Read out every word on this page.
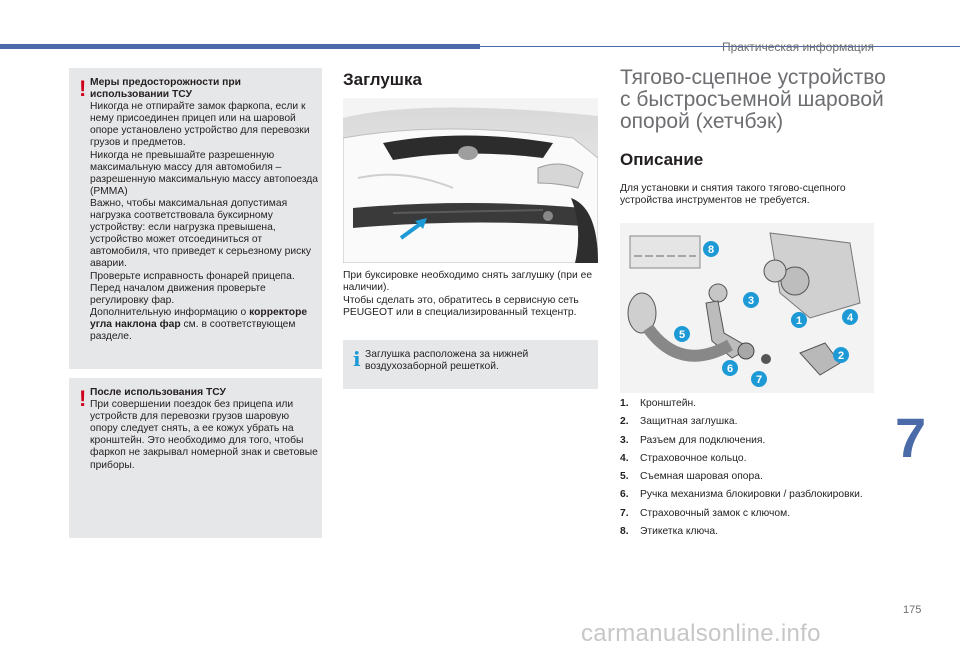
Практическая информация
7
175
carmanualsonline.info
! Меры предосторожности при использовании ТСУ

Никогда не отпирайте замок фаркопа, если к нему присоединен прицеп или на шаровой опоре установлено устройство для перевозки грузов и предметов.

Никогда не превышайте разрешенную максимальную массу для автомобиля – разрешенную максимальную массу автопоезда (РММА)

Важно, чтобы максимальная допустимая нагрузка соответствовала буксирному устройству: если нагрузка превышена, устройство может отсоединиться от автомобиля, что приведет к серьезному риску аварии.

Проверьте исправность фонарей прицепа.

Перед началом движения проверьте регулировку фар.

Дополнительную информацию о корректоре угла наклона фар см. в соответствующем разделе.

! После использования ТСУ

При совершении поездок без прицепа или устройств для перевозки грузов шаровую опору следует снять, а ее кожух убрать на кронштейн. Это необходимо для того, чтобы фаркоп не закрывал номерной знак и световые приборы.

Заглушка

При буксировке необходимо снять заглушку (при ее наличии).

Чтобы сделать это, обратитесь в сервисную сеть PEUGEOT или в специализированный техцентр.

i Заглушка расположена за нижней воздухозаборной решеткой.
Тягово-сцепное устройство с быстросъемной шаровой опорой (хетчбэк)
Описание
Для установки и снятия такого тягово-сцепного устройства инструментов не требуется.
1
2
3
4
5
6
7
8
1.	Кронштейн.
2.	Защитная заглушка.
3.	Разъем для подключения.
4.	Страховочное кольцо.
5.	Съемная шаровая опора.
6.	Ручка механизма блокировки / разблокировки.
7.	Страховочный замок с ключом.
8.	Этикетка ключа.
